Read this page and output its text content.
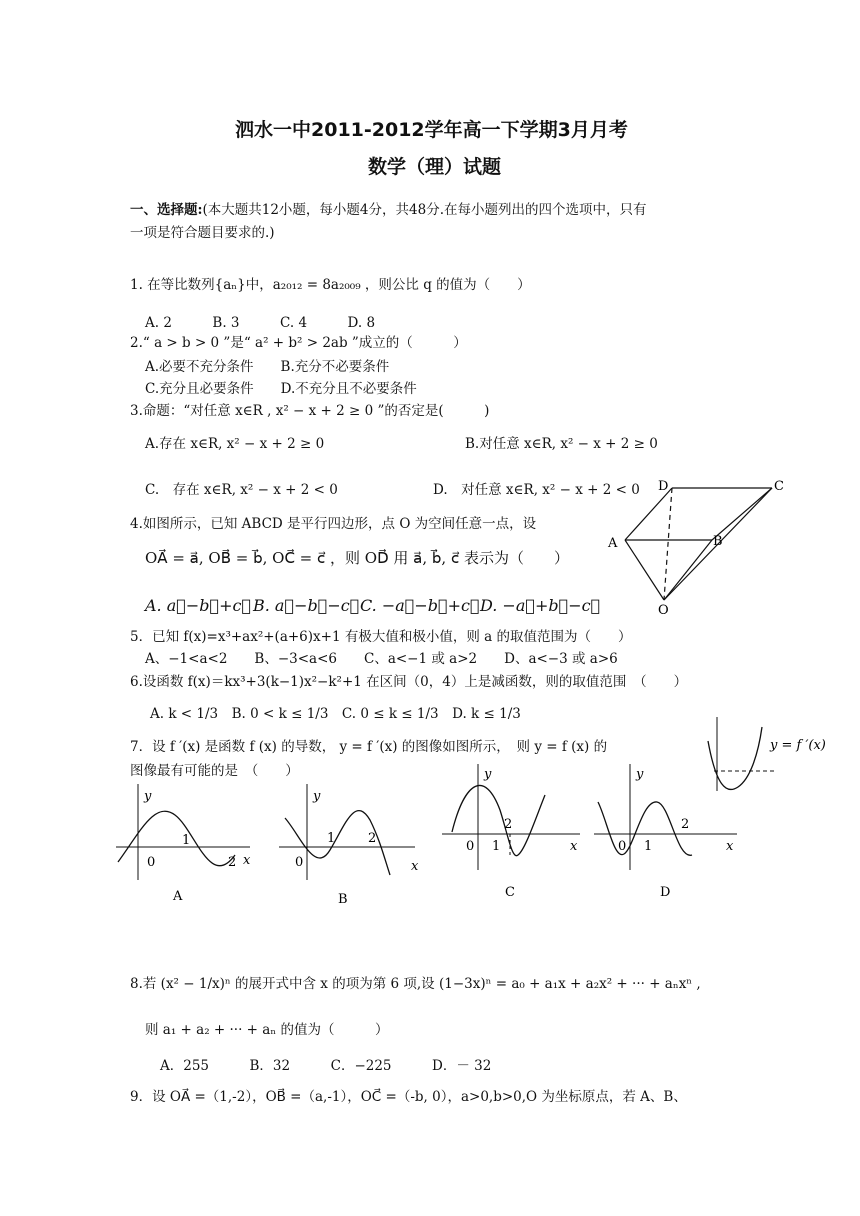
泗水一中2011-2012学年高一下学期3月月考
数学（理）试题
一、选择题:(本大题共12小题，每小题4分，共48分.在每小题列出的四个选项中，只有
一项是符合题目要求的.)
1. 在等比数列{aₙ}中，a₂₀₁₂ = 8a₂₀₀₉ ，则公比 q 的值为（　　）
A. 2　　　B. 3　　　C. 4　　　D. 8
2.“ a > b > 0 ”是“ a² + b² > 2ab ”成立的（　　　）
A.必要不充分条件　　B.充分不必要条件
C.充分且必要条件　　D.不充分且不必要条件
3.命题：“对任意 x∈R , x² − x + 2 ≥ 0 ”的否定是(　　　)
A.存在 x∈R, x² − x + 2 ≥ 0	B.对任意 x∈R, x² − x + 2 ≥ 0
C.　存在 x∈R, x² − x + 2 < 0	D.　对任意 x∈R, x² − x + 2 < 0
4.如图所示，已知 ABCD 是平行四边形，点 O 为空间任意一点，设
OA⃗ = a⃗, OB⃗ = b⃗, OC⃗ = c⃗ ，则 OD⃗ 用 a⃗, b⃗, c⃗ 表示为（　　）
A. a⃗−b⃗+c⃗ B. a⃗−b⃗−c⃗ C. −a⃗−b⃗+c⃗ D. −a⃗+b⃗−c⃗
D	C
A	B
O
5．已知 f(x)=x³+ax²+(a+6)x+1 有极大值和极小值，则 a 的取值范围为（　　）
A、−1<a<2　　B、−3<a<6　　C、a<−1 或 a>2　　D、a<−3 或 a>6
6.设函数 f(x)＝kx³+3(k−1)x²−k²+1 在区间（0，4）上是减函数，则的取值范围　（　　）
A. k < 1/3　B. 0 < k ≤ 1/3　C. 0 ≤ k ≤ 1/3　D. k ≤ 1/3
7．设 f ′(x) 是函数 f (x) 的导数， y = f ′(x) 的图像如图所示，　则 y = f (x) 的
图像最有可能的是　（　　）
y = f ′(x)
y
x
0
1
2
A
y
x
0
1	2
B
y
x
0 1
2
C
y
x
0 1
2
D
8.若 (x² − 1/x)ⁿ 的展开式中含 x 的项为第 6 项,设 (1−3x)ⁿ = a₀ + a₁x + a₂x² + ··· + aₙxⁿ ,
则 a₁ + a₂ + ··· + aₙ 的值为（　　　）
A．255　　　B．32　　　C．−225　　　D．－ 32
9．设 OA⃗ =（1,-2），OB⃗ =（a,-1），OC⃗ =（-b, 0），a>0,b>0,O 为坐标原点，若 A、B、
